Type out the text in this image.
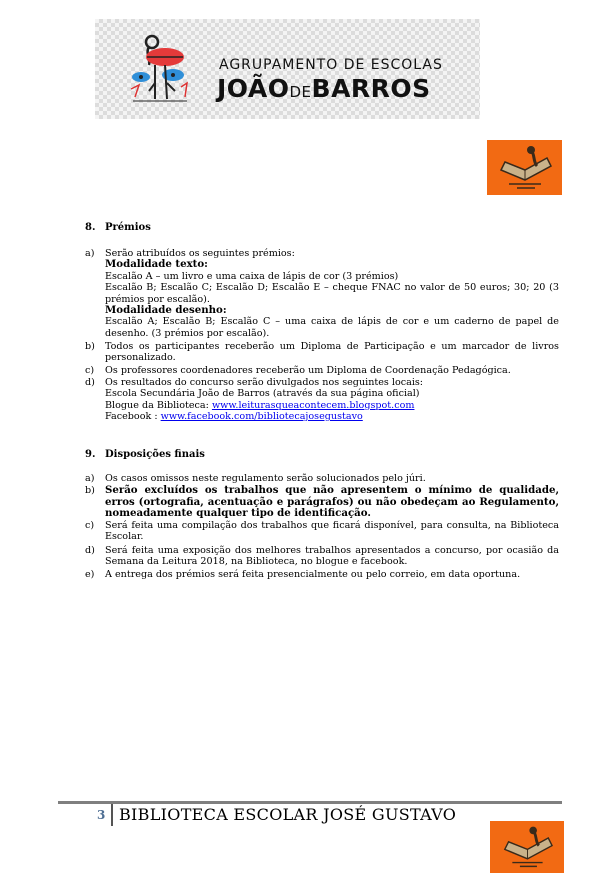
AGRUPAMENTO DE ESCOLAS
JOÃODEBARROS
8. Prémios
a) Serão atribuídos os seguintes prémios:
Modalidade texto:
Escalão A – um livro e uma caixa de lápis de cor (3 prémios)
Escalão B; Escalão C; Escalão D; Escalão E – cheque FNAC no valor de 50 euros; 30; 20 (3 prémios por escalão).
Modalidade desenho:
Escalão A; Escalão B; Escalão C – uma caixa de lápis de cor e um caderno de papel de desenho. (3 prémios por escalão).
b) Todos os participantes receberão um Diploma de Participação e um marcador de livros personalizado.
c) Os professores coordenadores receberão um Diploma de Coordenação Pedagógica.
d) Os resultados do concurso serão divulgados nos seguintes locais:
Escola Secundária João de Barros (através da sua página oficial)
Blogue da Biblioteca: www.leiturasqueacontecem.blogspot.com
Facebook : www.facebook.com/bibliotecajosegustavo
9. Disposições finais
a) Os casos omissos neste regulamento serão solucionados pelo júri.
b) Serão excluídos os trabalhos que não apresentem o mínimo de qualidade, erros (ortografia, acentuação e parágrafos) ou não obedeçam ao Regulamento, nomeadamente qualquer tipo de identificação.
c) Será feita uma compilação dos trabalhos que ficará disponível, para consulta, na Biblioteca Escolar.
d) Será feita uma exposição dos melhores trabalhos apresentados a concurso, por ocasião da Semana da Leitura 2018, na Biblioteca, no blogue e facebook.
e) A entrega dos prémios será feita presencialmente ou pelo correio, em data oportuna.
3 BIBLIOTECA ESCOLAR JOSÉ GUSTAVO
